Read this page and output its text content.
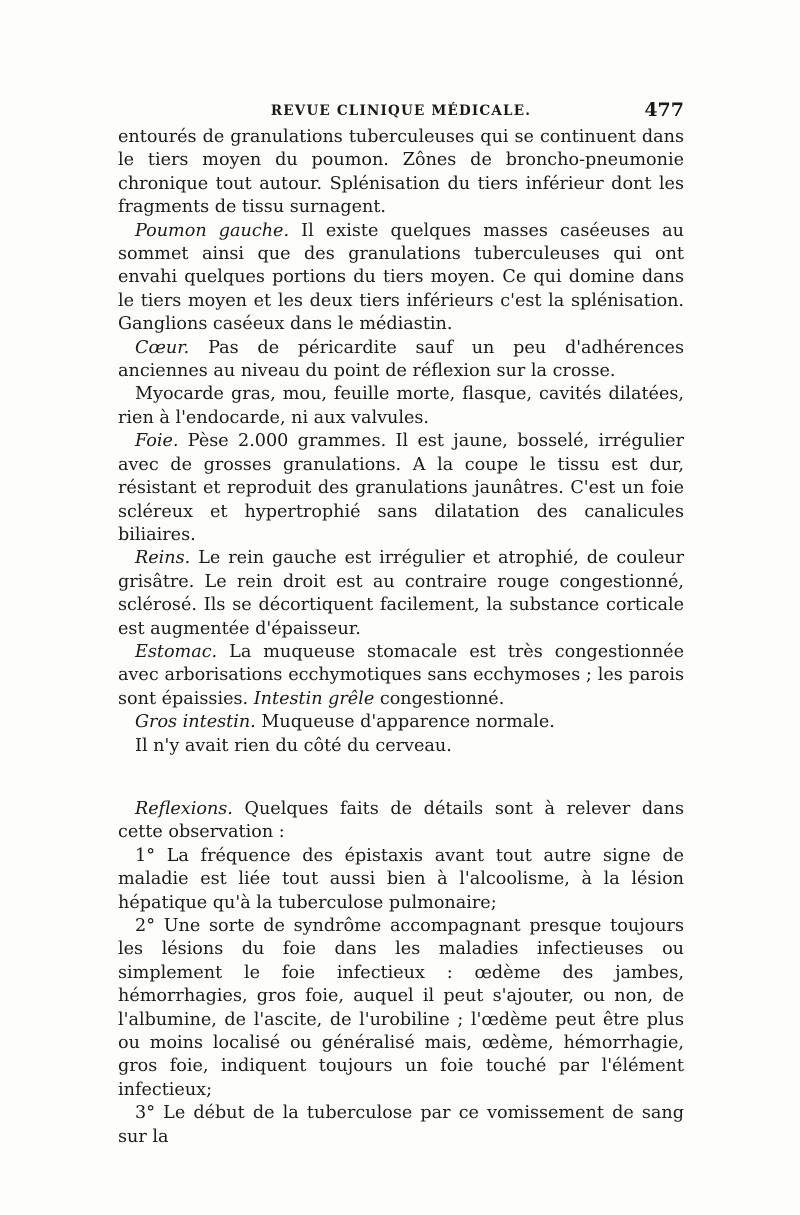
REVUE CLINIQUE MÉDICALE.	477

entourés de granulations tuberculeuses qui se continuent dans le tiers moyen du poumon. Zônes de broncho-pneumonie chronique tout autour. Splénisation du tiers inférieur dont les fragments de tissu surnagent.

Poumon gauche. Il existe quelques masses caséeuses au sommet ainsi que des granulations tuberculeuses qui ont envahi quelques portions du tiers moyen. Ce qui domine dans le tiers moyen et les deux tiers inférieurs c'est la splénisation. Ganglions caséeux dans le médiastin.

Cœur. Pas de péricardite sauf un peu d'adhérences anciennes au niveau du point de réflexion sur la crosse.

Myocarde gras, mou, feuille morte, flasque, cavités dilatées, rien à l'endocarde, ni aux valvules.

Foie. Pèse 2.000 grammes. Il est jaune, bosselé, irrégulier avec de grosses granulations. A la coupe le tissu est dur, résistant et reproduit des granulations jaunâtres. C'est un foie scléreux et hypertrophié sans dilatation des canalicules biliaires.

Reins. Le rein gauche est irrégulier et atrophié, de couleur grisâtre. Le rein droit est au contraire rouge congestionné, sclérosé. Ils se décortiquent facilement, la substance corticale est augmentée d'épaisseur.

Estomac. La muqueuse stomacale est très congestionnée avec arborisations ecchymotiques sans ecchymoses ; les parois sont épaissies. Intestin grêle congestionné.

Gros intestin. Muqueuse d'apparence normale.

Il n'y avait rien du côté du cerveau.

Reflexions. Quelques faits de détails sont à relever dans cette observation :

1° La fréquence des épistaxis avant tout autre signe de maladie est liée tout aussi bien à l'alcoolisme, à la lésion hépatique qu'à la tuberculose pulmonaire;

2° Une sorte de syndrôme accompagnant presque toujours les lésions du foie dans les maladies infectieuses ou simplement le foie infectieux : œdème des jambes, hémorrhagies, gros foie, auquel il peut s'ajouter, ou non, de l'albumine, de l'ascite, de l'urobiline ; l'œdème peut être plus ou moins localisé ou généralisé mais, œdème, hémorrhagie, gros foie, indiquent toujours un foie touché par l'élément infectieux;

3° Le début de la tuberculose par ce vomissement de sang sur la
